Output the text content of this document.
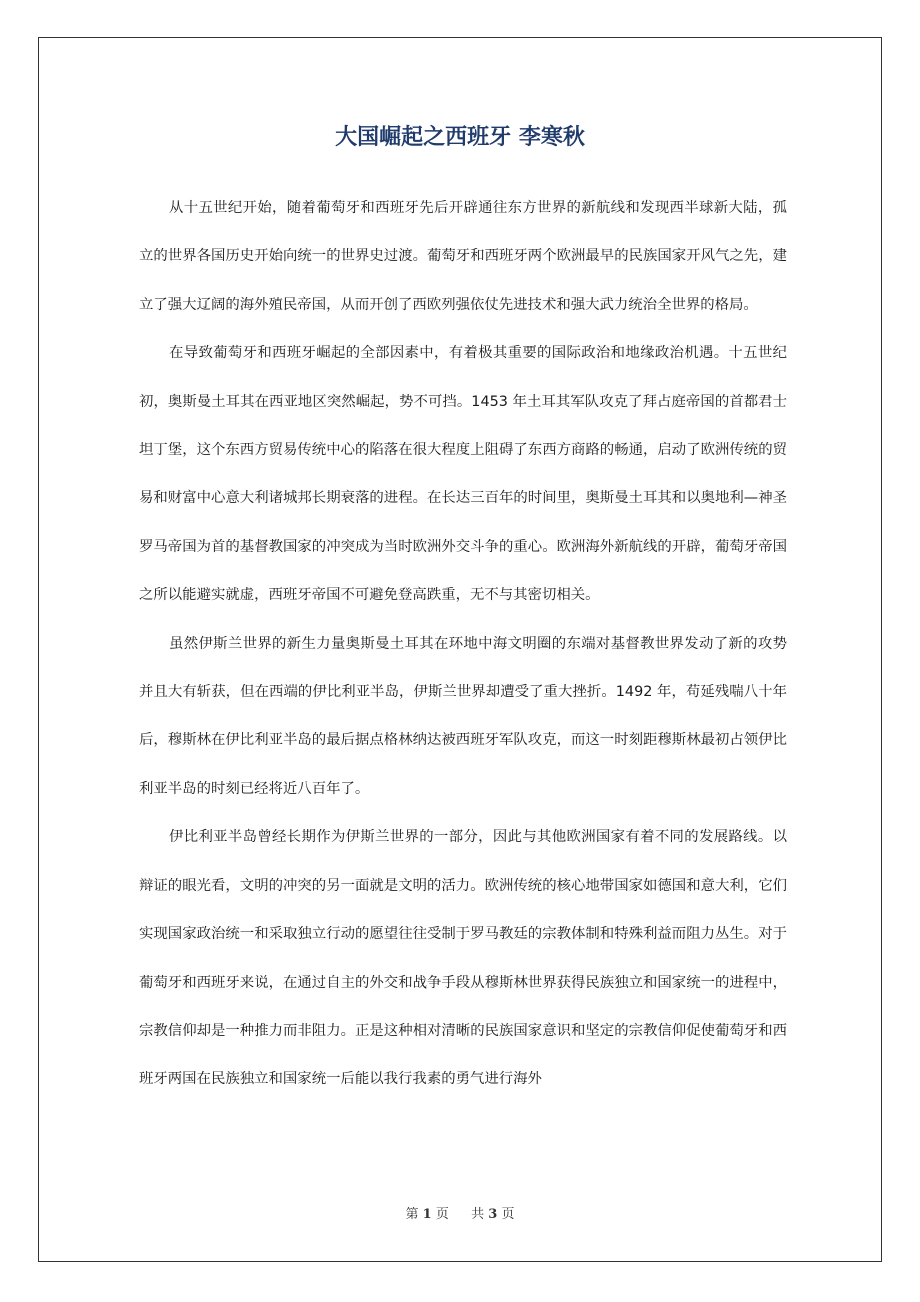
大国崛起之西班牙 李寒秋

从十五世纪开始，随着葡萄牙和西班牙先后开辟通往东方世界的新航线和发现西半球新大陆，孤立的世界各国历史开始向统一的世界史过渡。葡萄牙和西班牙两个欧洲最早的民族国家开风气之先，建立了强大辽阔的海外殖民帝国，从而开创了西欧列强依仗先进技术和强大武力统治全世界的格局。

在导致葡萄牙和西班牙崛起的全部因素中，有着极其重要的国际政治和地缘政治机遇。十五世纪初，奥斯曼土耳其在西亚地区突然崛起，势不可挡。1453 年土耳其军队攻克了拜占庭帝国的首都君士坦丁堡，这个东西方贸易传统中心的陷落在很大程度上阻碍了东西方商路的畅通，启动了欧洲传统的贸易和财富中心意大利诸城邦长期衰落的进程。在长达三百年的时间里，奥斯曼土耳其和以奥地利—神圣罗马帝国为首的基督教国家的冲突成为当时欧洲外交斗争的重心。欧洲海外新航线的开辟，葡萄牙帝国之所以能避实就虚，西班牙帝国不可避免登高跌重，无不与其密切相关。

虽然伊斯兰世界的新生力量奥斯曼土耳其在环地中海文明圈的东端对基督教世界发动了新的攻势并且大有斩获，但在西端的伊比利亚半岛，伊斯兰世界却遭受了重大挫折。1492 年，苟延残喘八十年后，穆斯林在伊比利亚半岛的最后据点格林纳达被西班牙军队攻克，而这一时刻距穆斯林最初占领伊比利亚半岛的时刻已经将近八百年了。

伊比利亚半岛曾经长期作为伊斯兰世界的一部分，因此与其他欧洲国家有着不同的发展路线。以辩证的眼光看，文明的冲突的另一面就是文明的活力。欧洲传统的核心地带国家如德国和意大利，它们实现国家政治统一和采取独立行动的愿望往往受制于罗马教廷的宗教体制和特殊利益而阻力丛生。对于葡萄牙和西班牙来说，在通过自主的外交和战争手段从穆斯林世界获得民族独立和国家统一的进程中，宗教信仰却是一种推力而非阻力。正是这种相对清晰的民族国家意识和坚定的宗教信仰促使葡萄牙和西班牙两国在民族独立和国家统一后能以我行我素的勇气进行海外

第 1 页 共 3 页
